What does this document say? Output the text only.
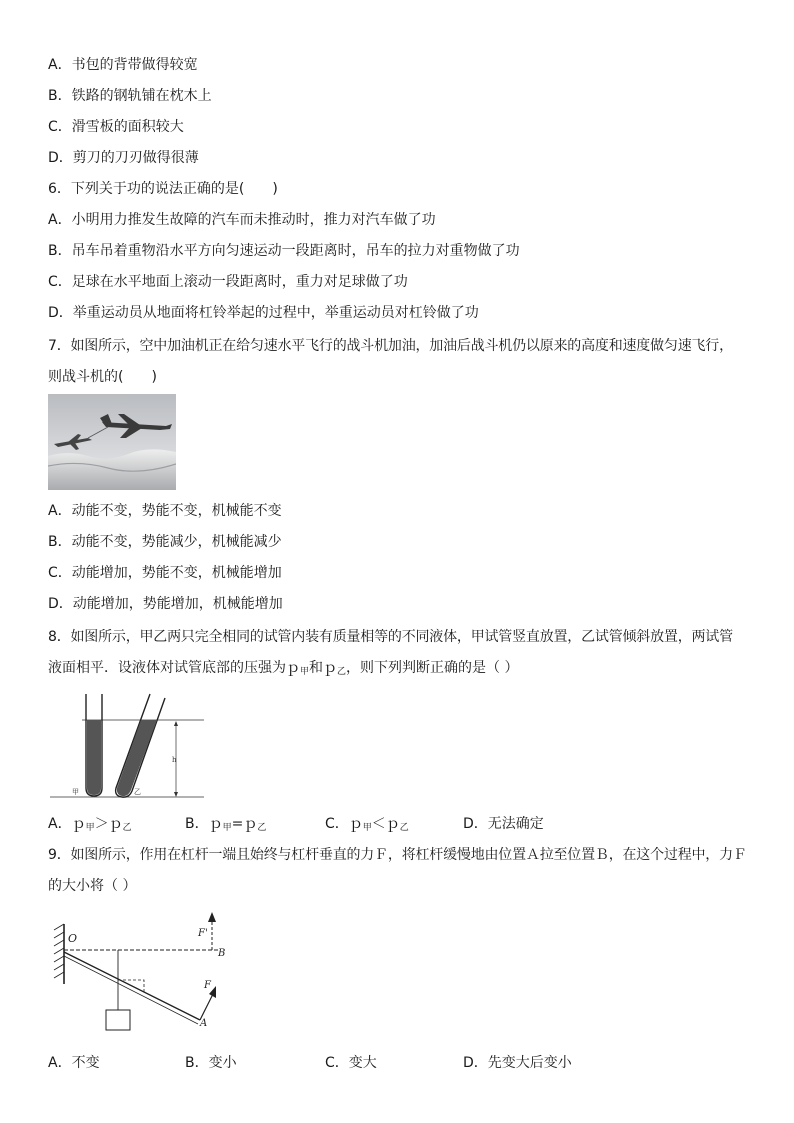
A．书包的背带做得较宽
B．铁路的钢轨铺在枕木上
C．滑雪板的面积较大
D．剪刀的刀刃做得很薄
6．下列关于功的说法正确的是(　　)
A．小明用力推发生故障的汽车而未推动时，推力对汽车做了功
B．吊车吊着重物沿水平方向匀速运动一段距离时，吊车的拉力对重物做了功
C．足球在水平地面上滚动一段距离时，重力对足球做了功
D．举重运动员从地面将杠铃举起的过程中，举重运动员对杠铃做了功
7．如图所示，空中加油机正在给匀速水平飞行的战斗机加油，加油后战斗机仍以原来的高度和速度做匀速飞行，
则战斗机的(　　)
A．动能不变，势能不变，机械能不变
B．动能不变，势能减少，机械能减少
C．动能增加，势能不变，机械能增加
D．动能增加，势能增加，机械能增加
8．如图所示，甲乙两只完全相同的试管内装有质量相等的不同液体，甲试管竖直放置，乙试管倾斜放置，两试管
液面相平．设液体对试管底部的压强为ｐ$_甲$和ｐ$_乙$，则下列判断正确的是（ ）
h
甲	乙
A．ｐ$_甲$＞ｐ$_乙$	B．ｐ$_甲$=ｐ$_乙$	C．ｐ$_甲$＜ｐ$_乙$	D．无法确定
9．如图所示，作用在杠杆一端且始终与杠杆垂直的力Ｆ，将杠杆缓慢地由位置Ａ拉至位置Ｂ，在这个过程中，力Ｆ
的大小将（ ）
O	F'
B
F
A
A．不变	B．变小	C．变大	D．先变大后变小
